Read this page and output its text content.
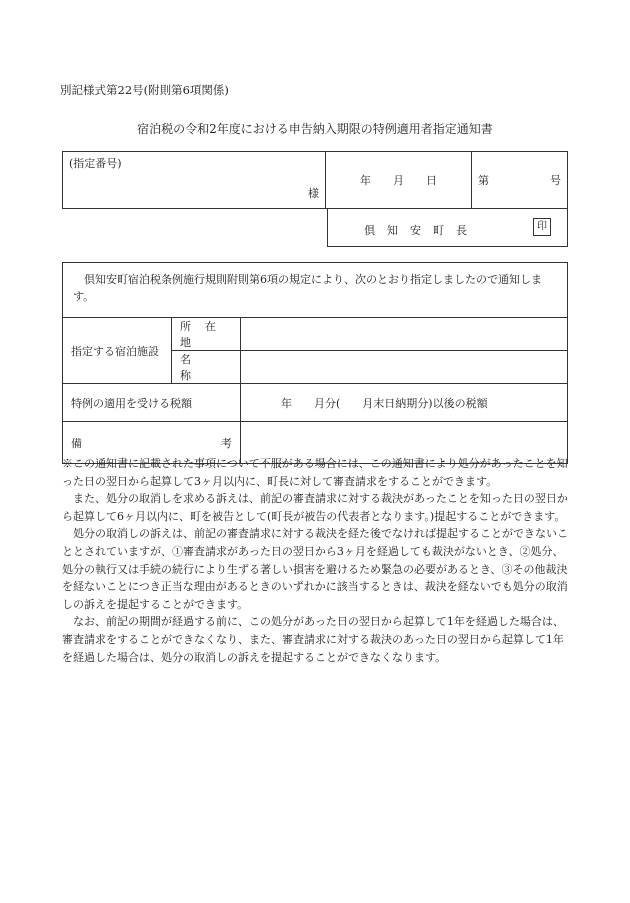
別記様式第22号(附則第6項関係)
宿泊税の令和2年度における申告納入期限の特例適用者指定通知書
(指定番号)
様
	年　　月　　日	第	号
倶知安町長	印
倶知安町宿泊税条例施行規則附則第6項の規定により、次のとおり指定しましたので通知します。		
指定する宿泊施設	所在地	
	名称	
特例の適用を受ける税額		年　　月分(　　月末日納期分)以後の税額
備 考		

※この通知書に記載された事項について不服がある場合には、この通知書により処分があったことを知った日の翌日から起算して3ヶ月以内に、町長に対して審査請求をすることができます。

また、処分の取消しを求める訴えは、前記の審査請求に対する裁決があったことを知った日の翌日から起算して6ヶ月以内に、町を被告として(町長が被告の代表者となります。)提起することができます。

処分の取消しの訴えは、前記の審査請求に対する裁決を経た後でなければ提起することができないこととされていますが、①審査請求があった日の翌日から3ヶ月を経過しても裁決がないとき、②処分、処分の執行又は手続の続行により生ずる著しい損害を避けるため緊急の必要があるとき、③その他裁決を経ないことにつき正当な理由があるときのいずれかに該当するときは、裁決を経ないでも処分の取消しの訴えを提起することができます。

なお、前記の期間が経過する前に、この処分があった日の翌日から起算して1年を経過した場合は、審査請求をすることができなくなり、また、審査請求に対する裁決のあった日の翌日から起算して1年を経過した場合は、処分の取消しの訴えを提起することができなくなります。
